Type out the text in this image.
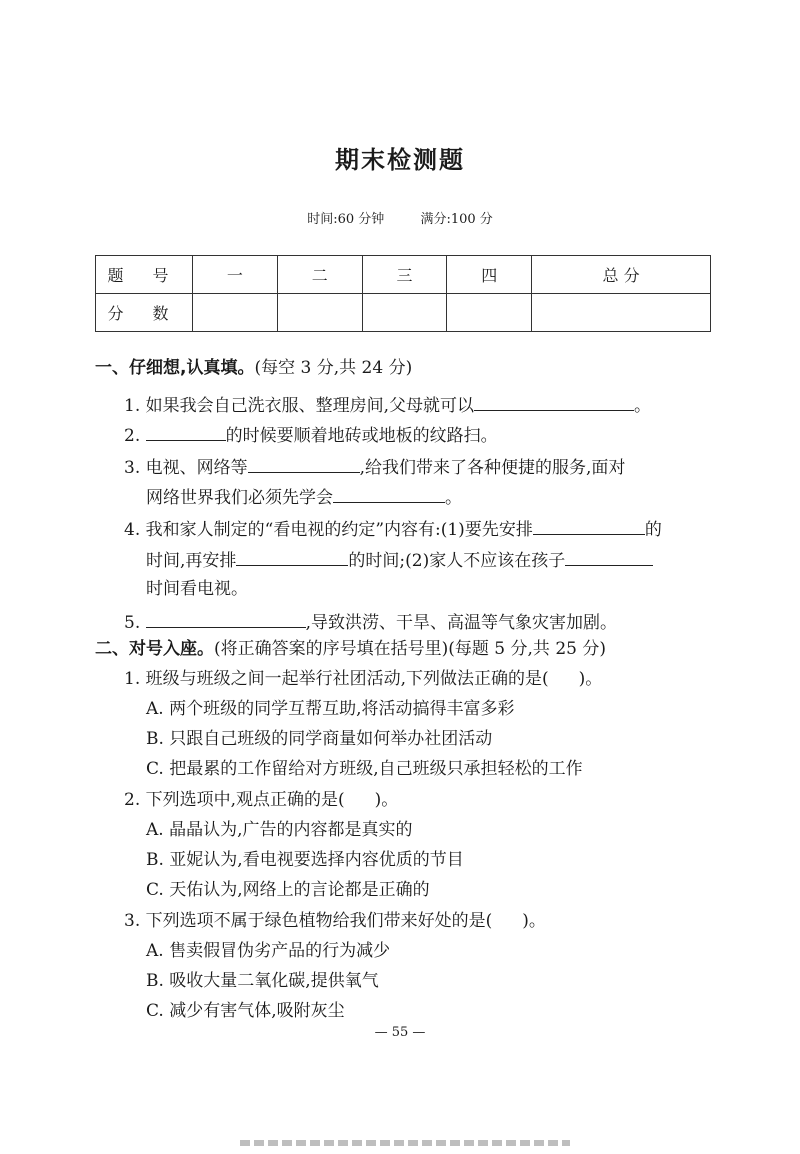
期末检测题
时间:60 分钟	满分:100 分
题 号	一	二	三	四	总 分
分 数					
一、仔细想,认真填。(每空 3 分,共 24 分)
1. 如果我会自己洗衣服、整理房间,父母就可以	。
2.	的时候要顺着地砖或地板的纹路扫。
3. 电视、网络等	,给我们带来了各种便捷的服务,面对
网络世界我们必须先学会	。
4. 我和家人制定的“看电视的约定”内容有:(1)要先安排	的
时间,再安排	的时间;(2)家人不应该在孩子
时间看电视。
5.	,导致洪涝、干旱、高温等气象灾害加剧。
二、对号入座。(将正确答案的序号填在括号里)(每题 5 分,共 25 分)
1. 班级与班级之间一起举行社团活动,下列做法正确的是( )。
A. 两个班级的同学互帮互助,将活动搞得丰富多彩
B. 只跟自己班级的同学商量如何举办社团活动
C. 把最累的工作留给对方班级,自己班级只承担轻松的工作
2. 下列选项中,观点正确的是( )。
A. 晶晶认为,广告的内容都是真实的
B. 亚妮认为,看电视要选择内容优质的节目
C. 天佑认为,网络上的言论都是正确的
3. 下列选项不属于绿色植物给我们带来好处的是( )。
A. 售卖假冒伪劣产品的行为减少
B. 吸收大量二氧化碳,提供氧气
C. 减少有害气体,吸附灰尘
— 55 —
